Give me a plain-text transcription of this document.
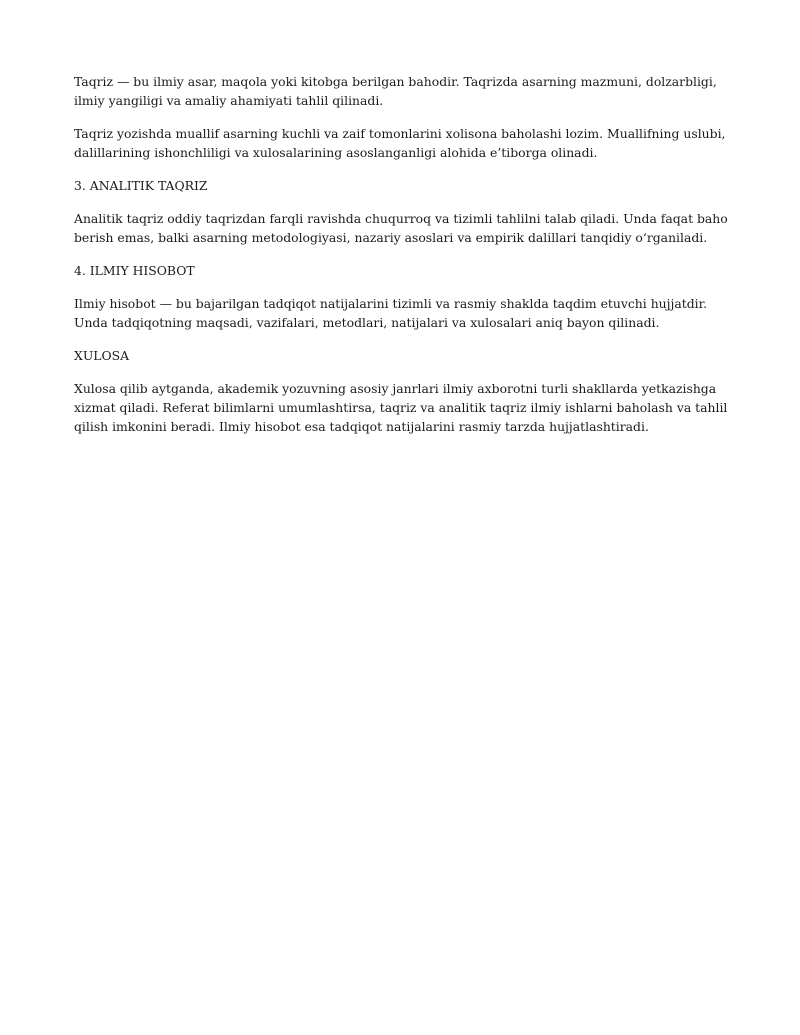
Taqriz — bu ilmiy asar, maqola yoki kitobga berilgan bahodir. Taqrizda asarning mazmuni, dolzarbligi, ilmiy yangiligi va amaliy ahamiyati tahlil qilinadi.

Taqriz yozishda muallif asarning kuchli va zaif tomonlarini xolisona baholashi lozim. Muallifning uslubi, dalillarining ishonchliligi va xulosalarining asoslanganligi alohida e’tiborga olinadi.

3. ANALITIK TAQRIZ

Analitik taqriz oddiy taqrizdan farqli ravishda chuqurroq va tizimli tahlilni talab qiladi. Unda faqat baho berish emas, balki asarning metodologiyasi, nazariy asoslari va empirik dalillari tanqidiy o‘rganiladi.

4. ILMIY HISOBOT

Ilmiy hisobot — bu bajarilgan tadqiqot natijalarini tizimli va rasmiy shaklda taqdim etuvchi hujjatdir. Unda tadqiqotning maqsadi, vazifalari, metodlari, natijalari va xulosalari aniq bayon qilinadi.

XULOSA

Xulosa qilib aytganda, akademik yozuvning asosiy janrlari ilmiy axborotni turli shakllarda yetkazishga xizmat qiladi. Referat bilimlarni umumlashtirsa, taqriz va analitik taqriz ilmiy ishlarni baholash va tahlil qilish imkonini beradi. Ilmiy hisobot esa tadqiqot natijalarini rasmiy tarzda hujjatlashtiradi.
